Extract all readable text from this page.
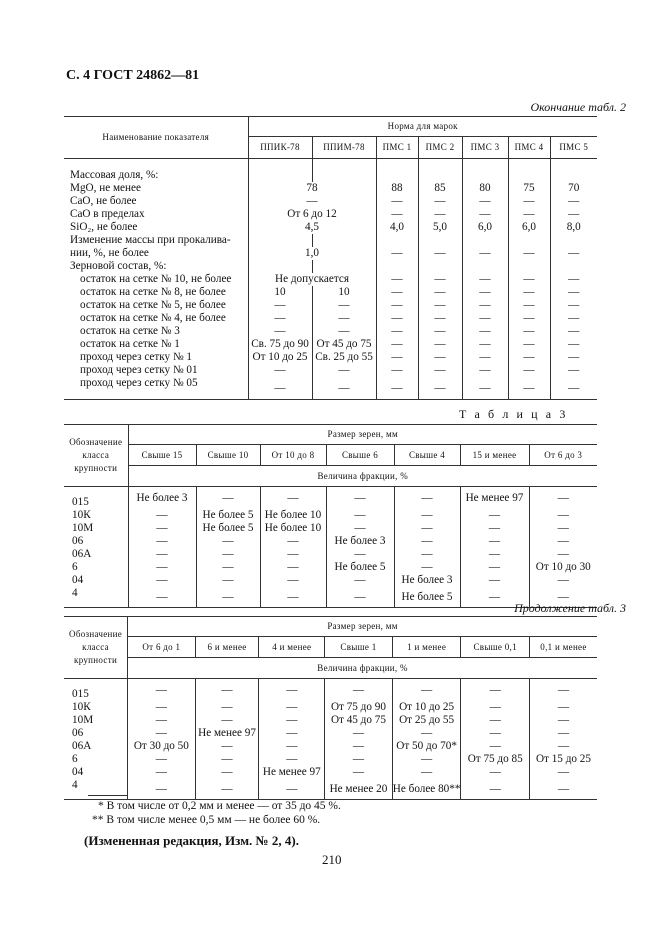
С. 4 ГОСТ 24862—81
Окончание табл. 2
Наименование показателя	Норма для марок						
	ППИК-78	ППИМ-78	ПМС 1	ПМС 2	ПМС 3	ПМС 4	ПМС 5
Массовая доля, %:							
MgO, не менее	78		88	85	80	75	70
CaO, не более	—		—	—	—	—	—
CaO в пределах	От 6 до 12		—	—	—	—	—
SiO₂, не более	4,5		4,0	5,0	6,0	6,0	8,0
Изменение массы при прокалива-							
нии, %, не более	1,0		—	—	—	—	—
Зерновой состав, %:							
остаток на сетке № 10, не более	Не допускается		—	—	—	—	—
остаток на сетке № 8, не более	10	10	—	—	—	—	—
остаток на сетке № 5, не более	—	—	—	—	—	—	—
остаток на сетке № 4, не более	—	—	—	—	—	—	—
остаток на сетке № 3	—	—	—	—	—	—	—
остаток на сетке № 1	Св. 75 до 90	От 45 до 75	—	—	—	—	—
проход через сетку № 1	От 10 до 25	Св. 25 до 55	—	—	—	—	—
проход через сетку № 01	—	—	—	—	—	—	—
проход через сетку № 05	—	—	—	—	—	—	—
Т а б л и ц а 3
Обозначение класса крупности	Размер зерен, мм						
	Свыше 15	Свыше 10	От 10 до 8	Свыше 6	Свыше 4	15 и менее	От 6 до 3
	Величина фракции, %						
015	Не более 3	—	—	—	—	Не менее 97	—
10К	—	Не более 5	Не более 10	—	—	—	—
10М	—	Не более 5	Не более 10	—	—	—	—
06	—	—	—	Не более 3	—	—	—
06А	—	—	—	—	—	—	—
6	—	—	—	Не более 5	—	—	От 10 до 30
04	—	—	—	—	Не более 3	—	—
4	—	—	—	—	Не более 5	—	—
Продолжение табл. 3
Обозначение класса крупности	Размер зерен, мм						
	От 6 до 1	6 и менее	4 и менее	Свыше 1	1 и менее	Свыше 0,1	0,1 и менее
	Величина фракции, %						
015	—	—	—	—	—	—	—
10К	—	—	—	От 75 до 90	От 10 до 25	—	—
10М	—	—	—	От 45 до 75	От 25 до 55	—	—
06	—	Не менее 97	—	—	—	—	—
06А	От 30 до 50	—	—	—	От 50 до 70*	—	—
6	—	—	—	—	—	От 75 до 85	От 15 до 25
04	—	—	Не менее 97	—	—	—	—
4	—	—	—	Не менее 20	Не более 80**	—	—
* В том числе от 0,2 мм и менее — от 35 до 45 %.
** В том числе менее 0,5 мм — не более 60 %.
(Измененная редакция, Изм. № 2, 4).
210
